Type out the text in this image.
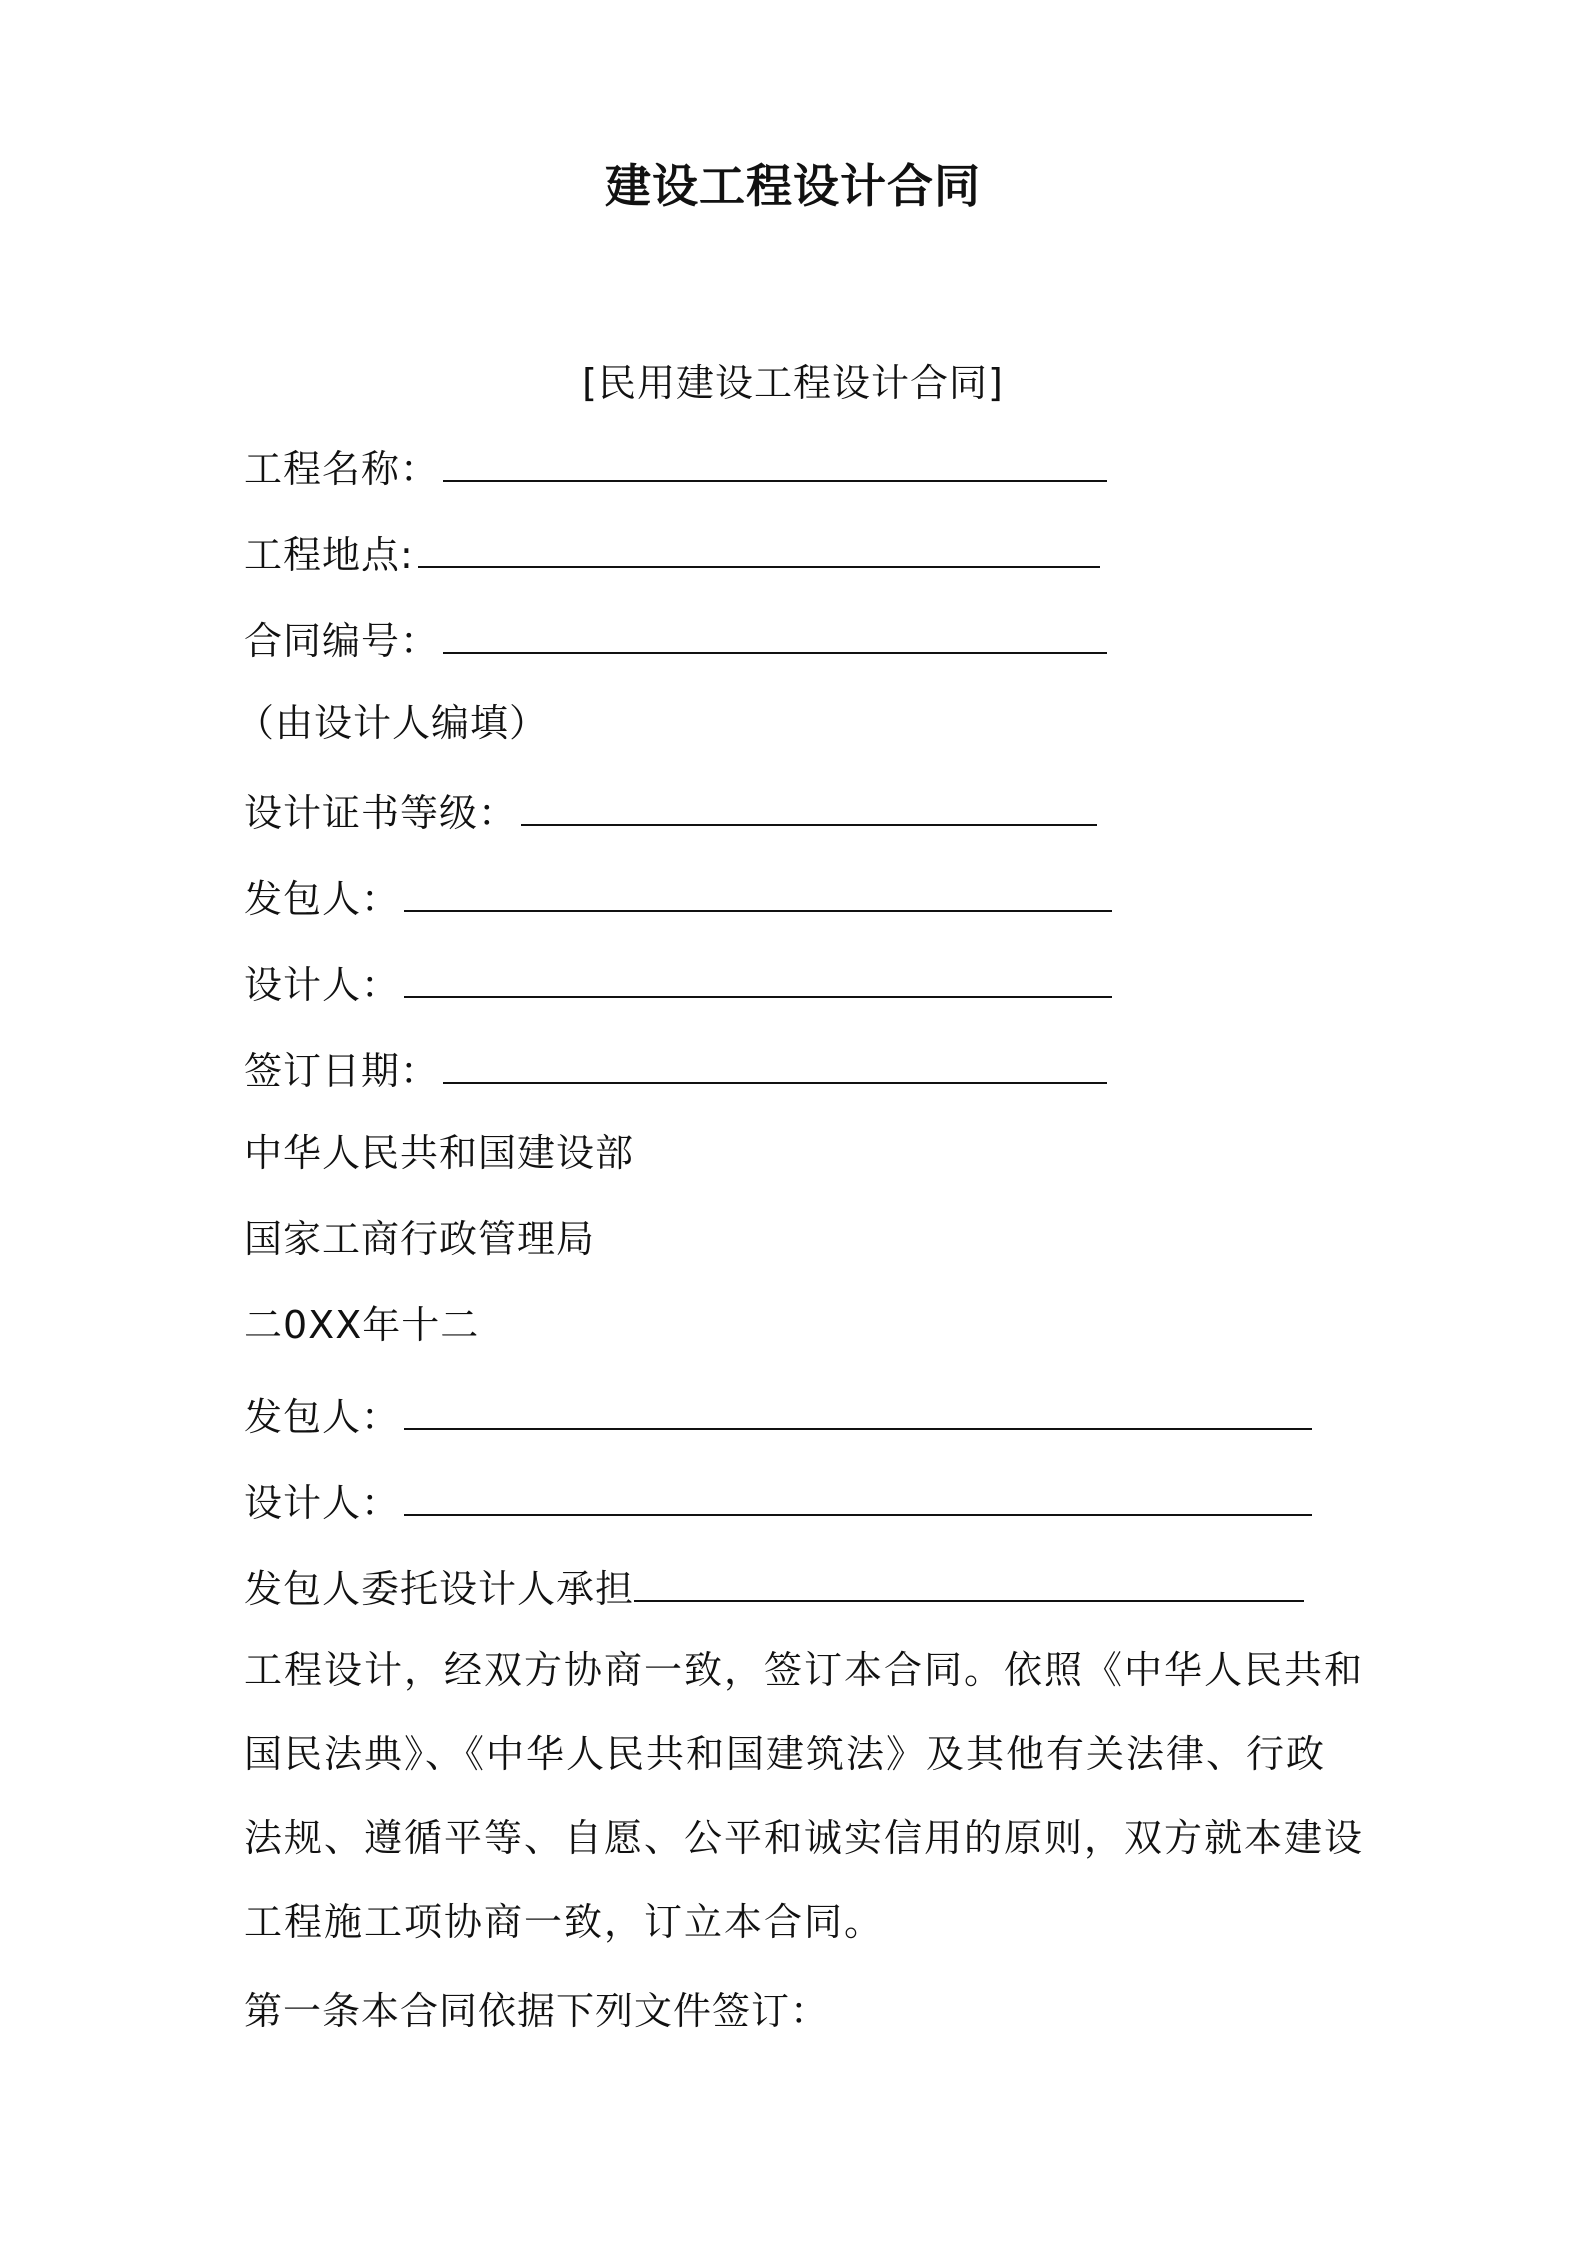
建设工程设计合同
[民用建设工程设计合同]
工程名称：
工程地点:
合同编号：
（由设计人编填）
设计证书等级：
发包人：
设计人：
签订日期：
中华人民共和国建设部
国家工商行政管理局
二0XX年十二
发包人：
设计人：
发包人委托设计人承担
工程设计，经双方协商一致，签订本合同。依照《中华人民共和
国民法典》、《中华人民共和国建筑法》及其他有关法律、行政
法规、遵循平等、自愿、公平和诚实信用的原则，双方就本建设
工程施工项协商一致，订立本合同。
第一条本合同依据下列文件签订：
